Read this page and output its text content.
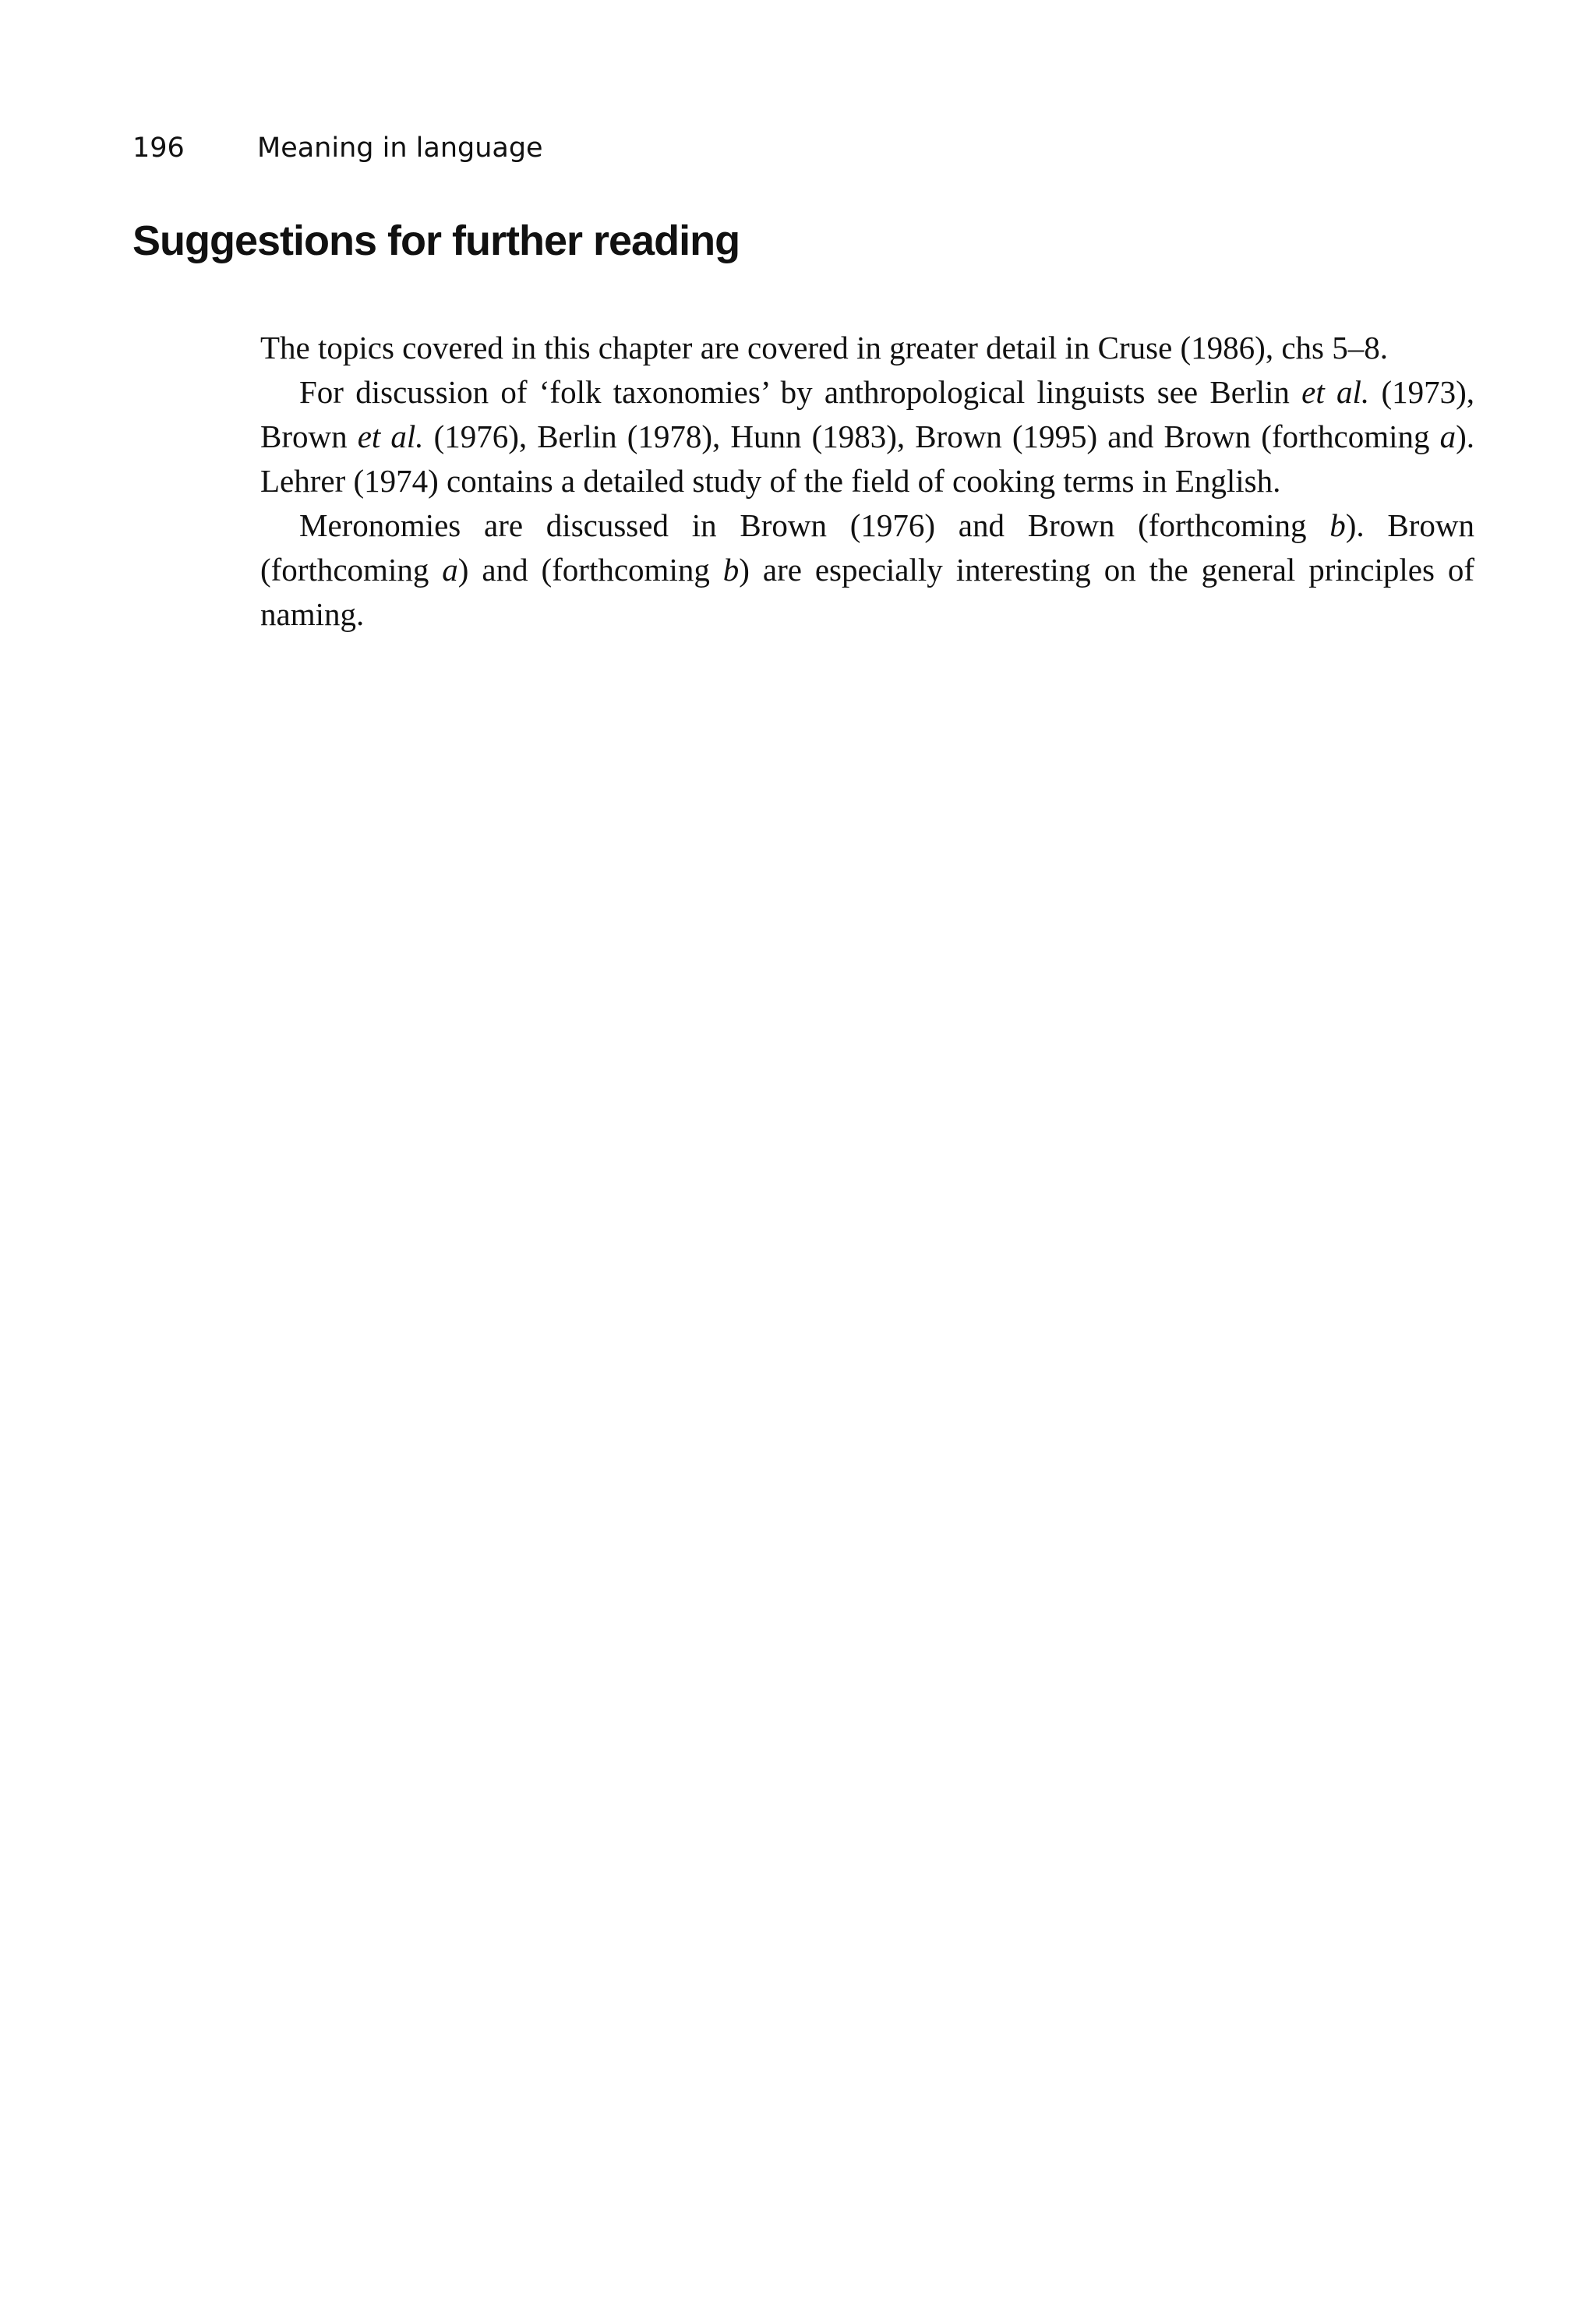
196	Meaning in language
Suggestions for further reading

The topics covered in this chapter are covered in greater detail in Cruse (1986), chs 5–8.

For discussion of ‘folk taxonomies’ by anthropological linguists see Berlin et al. (1973), Brown et al. (1976), Berlin (1978), Hunn (1983), Brown (1995) and Brown (forthcoming a). Lehrer (1974) contains a detailed study of the field of cooking terms in English.

Meronomies are discussed in Brown (1976) and Brown (forthcoming b). Brown (forthcoming a) and (forthcoming b) are especially interesting on the general principles of naming.
